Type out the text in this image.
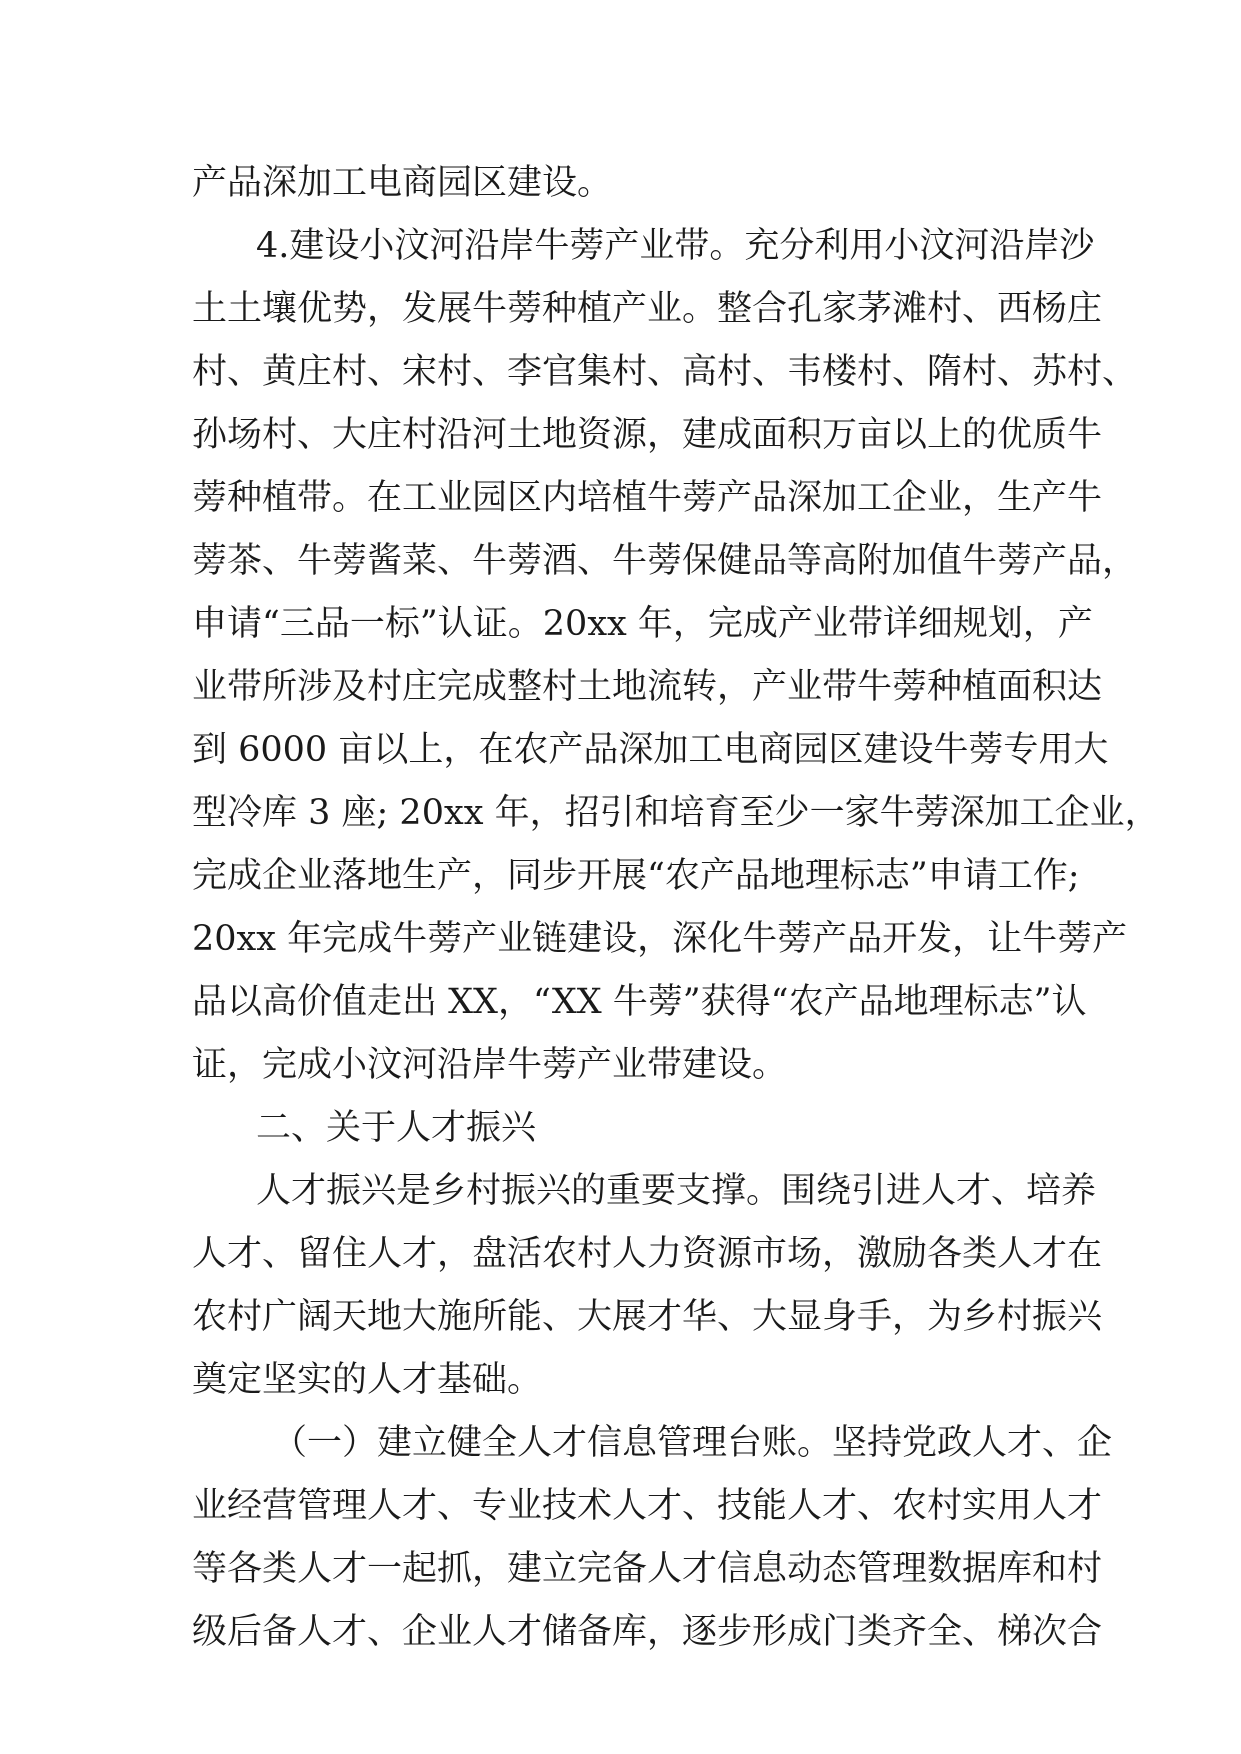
产品深加工电商园区建设。
4.建设小汶河沿岸牛蒡产业带。充分利用小汶河沿岸沙
土土壤优势，发展牛蒡种植产业。整合孔家茅滩村、西杨庄
村、黄庄村、宋村、李官集村、高村、韦楼村、隋村、苏村、
孙场村、大庄村沿河土地资源，建成面积万亩以上的优质牛
蒡种植带。在工业园区内培植牛蒡产品深加工企业，生产牛
蒡茶、牛蒡酱菜、牛蒡酒、牛蒡保健品等高附加值牛蒡产品，
申请“三品一标”认证。20xx 年，完成产业带详细规划，产
业带所涉及村庄完成整村土地流转，产业带牛蒡种植面积达
到 6000 亩以上，在农产品深加工电商园区建设牛蒡专用大
型冷库 3 座; 20xx 年，招引和培育至少一家牛蒡深加工企业，
完成企业落地生产，同步开展“农产品地理标志”申请工作;
20xx 年完成牛蒡产业链建设，深化牛蒡产品开发，让牛蒡产
品以高价值走出 XX，“XX 牛蒡”获得“农产品地理标志”认
证，完成小汶河沿岸牛蒡产业带建设。
二、关于人才振兴
人才振兴是乡村振兴的重要支撑。围绕引进人才、培养
人才、留住人才，盘活农村人力资源市场，激励各类人才在
农村广阔天地大施所能、大展才华、大显身手，为乡村振兴
奠定坚实的人才基础。
（一）建立健全人才信息管理台账。坚持党政人才、企
业经营管理人才、专业技术人才、技能人才、农村实用人才
等各类人才一起抓，建立完备人才信息动态管理数据库和村
级后备人才、企业人才储备库，逐步形成门类齐全、梯次合
